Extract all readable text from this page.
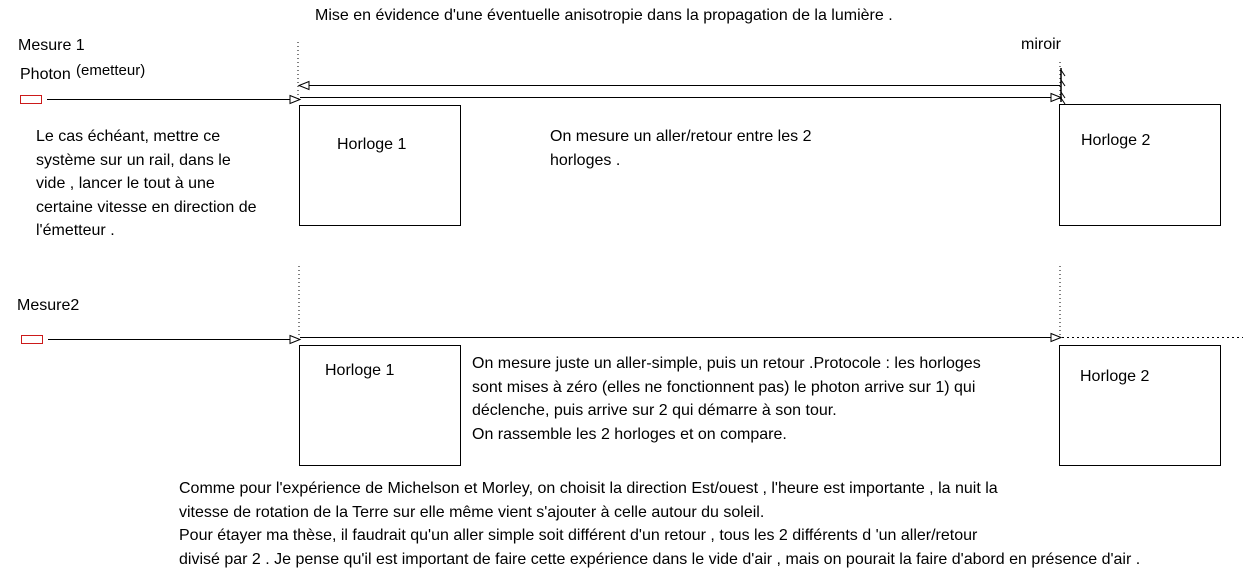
Mise en évidence d'une éventuelle anisotropie dans la propagation de la lumière .
Mesure 1
Photon (emetteur)
miroir
Horloge 1	Horloge 2
Le cas échéant, mettre ce
système sur un rail, dans le
vide , lancer le tout à une
certaine vitesse en direction de
l'émetteur .
On mesure un aller/retour entre les 2
horloges .
Mesure2
Horloge 1	Horloge 2
On mesure juste un aller-simple, puis un retour .Protocole : les horloges
sont mises à zéro (elles ne fonctionnent pas) le photon arrive sur 1) qui
déclenche, puis arrive sur 2 qui démarre à son tour.
On rassemble les 2 horloges et on compare.
Comme pour l'expérience de Michelson et Morley, on choisit la direction Est/ouest , l'heure est importante , la nuit la
vitesse de rotation de la Terre sur elle même vient s'ajouter à celle autour du soleil.
Pour étayer ma thèse, il faudrait qu'un aller simple soit différent d'un retour , tous les 2 différents d 'un aller/retour
divisé par 2 . Je pense qu'il est important de faire cette expérience dans le vide d'air , mais on pourait la faire d'abord en présence d'air .
